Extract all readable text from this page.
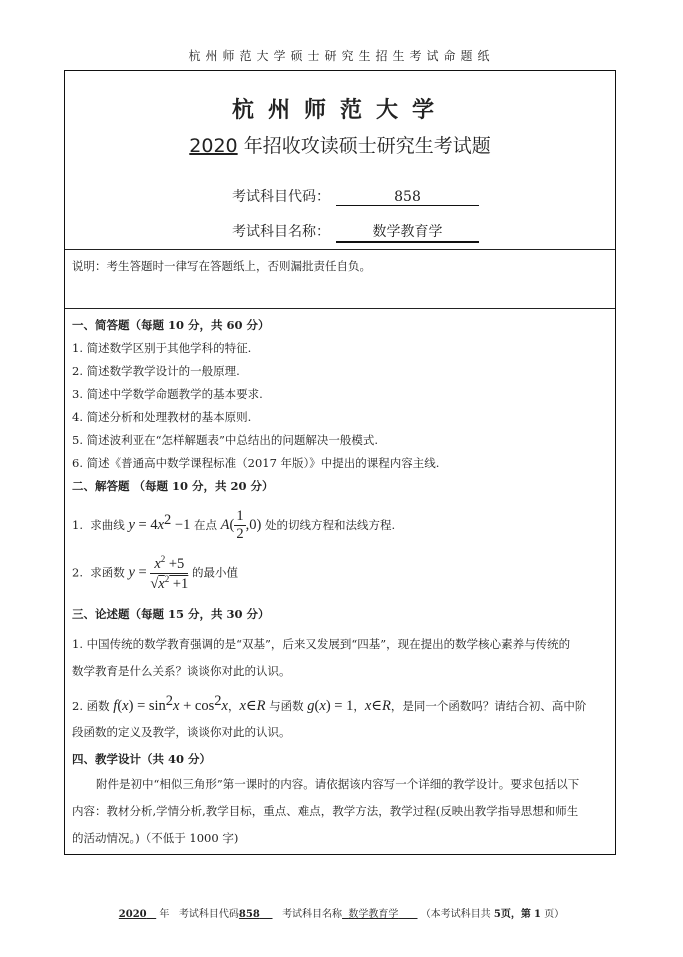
杭州师范大学硕士研究生招生考试命题纸
杭州师范大学
2020 年招收攻读硕士研究生考试题
考试科目代码：	858
考试科目名称：	数学教育学
说明：考生答题时一律写在答题纸上，否则漏批责任自负。
一、简答题（每题 10 分，共 60 分）
1. 简述数学区别于其他学科的特征.
2. 简述数学教学设计的一般原理.
3. 简述中学数学命题教学的基本要求.
4. 简述分析和处理教材的基本原则.
5. 简述波利亚在“怎样解题表”中总结出的问题解决一般模式.
6. 简述《普通高中数学课程标准（2017 年版）》中提出的课程内容主线.
二、解答题 （每题 10 分，共 20 分）
1. 求曲线 $y = 4x^2 -1$ 在点 $A( \frac{1}{2} ,0)$ 处的切线方程和法线方程.
2. 求函数 $y = \frac{x^2 +5}{√x^2 +1}$ 的最小值
三、论述题（每题 15 分，共 30 分）
1. 中国传统的数学教育强调的是“双基”，后来又发展到“四基”，现在提出的数学核心素养与传统的
数学教育是什么关系？谈谈你对此的认识。
2. 函数 $f(x) = \sin^2x + \cos^2x$，x∈R 与函数 g(x) = 1，x∈R，是同一个函数吗？请结合初、高中阶
段函数的定义及教学，谈谈你对此的认识。
四、教学设计（共 40 分）
附件是初中“相似三角形”第一课时的内容。请依据该内容写一个详细的教学设计。要求包括以下
内容：教材分析,学情分析,教学目标，重点、难点，教学方法，教学过程(反映出教学指导思想和师生
的活动情况。)（不低于 1000 字)
2020 年 考试科目代码858 考试科目名称 数学教育学 （本考试科目共 5页，第 1 页）
